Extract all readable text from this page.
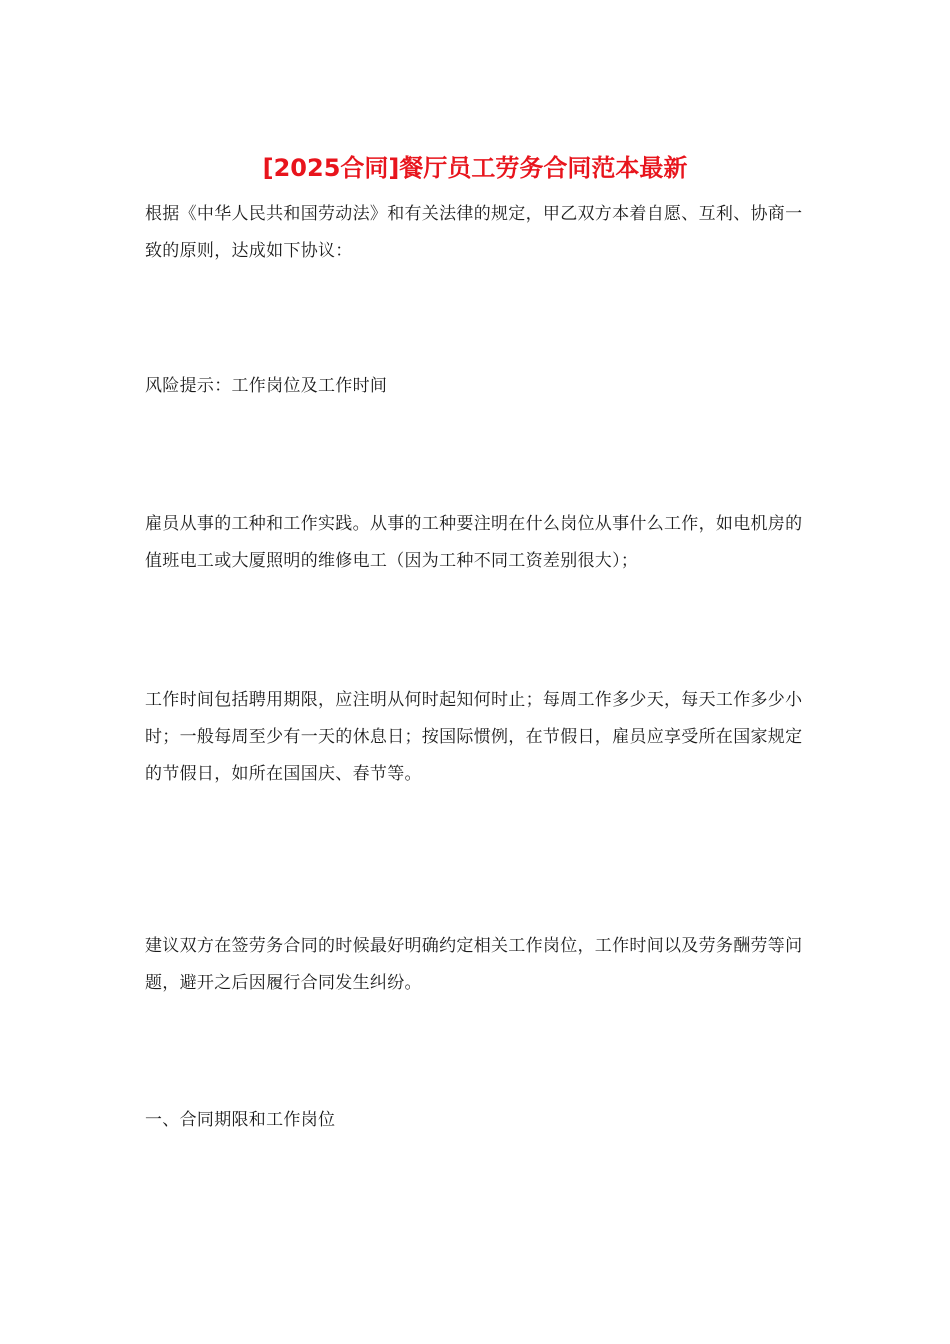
[2025合同]餐厅员工劳务合同范本最新

根据《中华人民共和国劳动法》和有关法律的规定，甲乙双方本着自愿、互利、协商一致的原则，达成如下协议：

风险提示：工作岗位及工作时间

雇员从事的工种和工作实践。从事的工种要注明在什么岗位从事什么工作，如电机房的值班电工或大厦照明的维修电工（因为工种不同工资差别很大）；

工作时间包括聘用期限，应注明从何时起知何时止；每周工作多少天，每天工作多少小时；一般每周至少有一天的休息日；按国际惯例，在节假日，雇员应享受所在国家规定的节假日，如所在国国庆、春节等。

建议双方在签劳务合同的时候最好明确约定相关工作岗位，工作时间以及劳务酬劳等问题，避开之后因履行合同发生纠纷。

一、合同期限和工作岗位
